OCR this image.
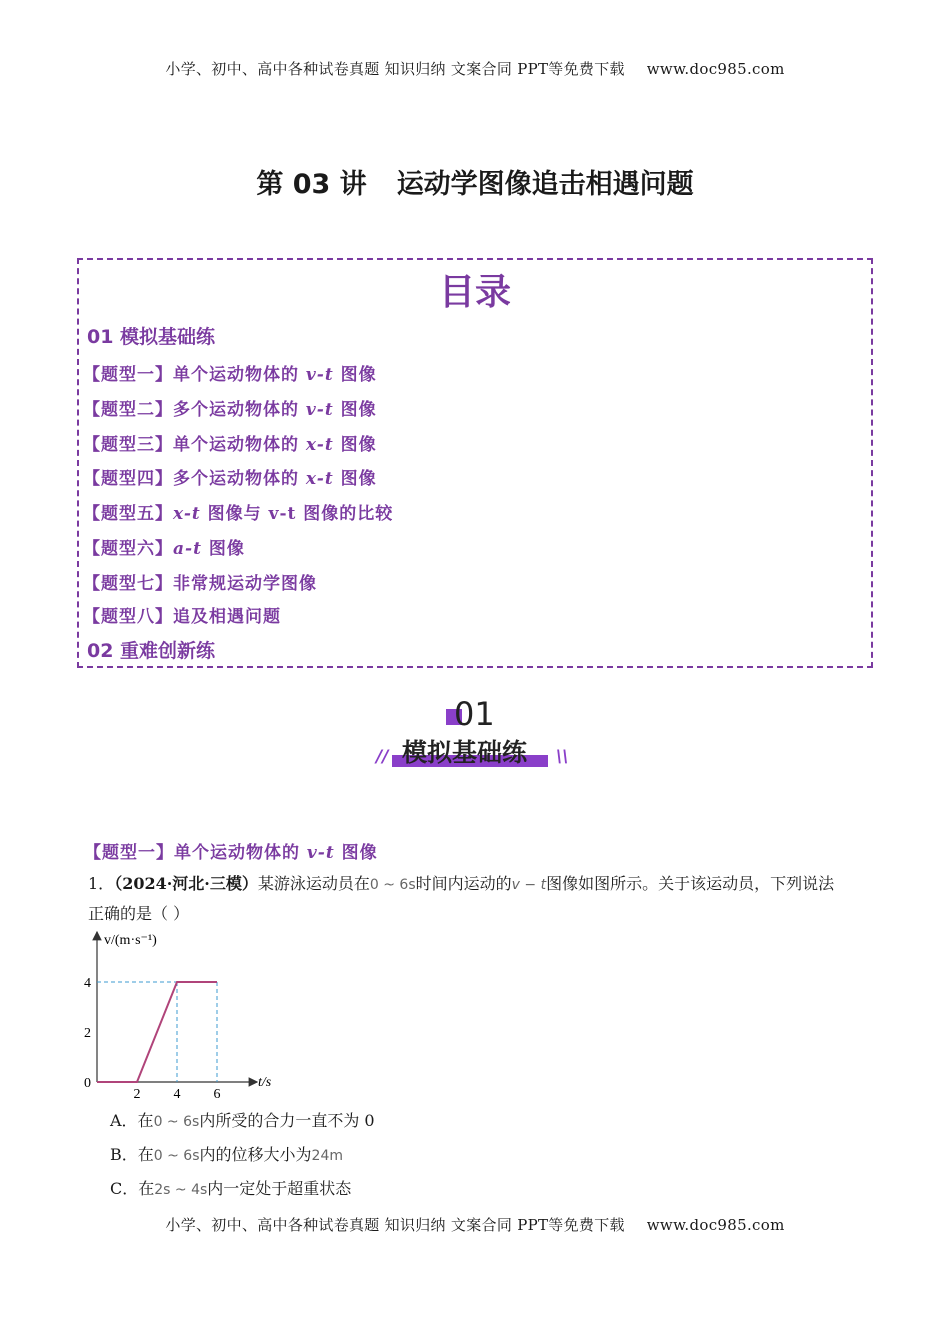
小学、初中、高中各种试卷真题 知识归纳 文案合同 PPT等免费下载 www.doc985.com
第 03 讲 运动学图像追击相遇问题
目录
01 模拟基础练
【题型一】单个运动物体的 v-t 图像
【题型二】多个运动物体的 v-t 图像
【题型三】单个运动物体的 x-t 图像
【题型四】多个运动物体的 x-t 图像
【题型五】x-t 图像与 v-t 图像的比较
【题型六】a-t 图像
【题型七】非常规运动学图像
【题型八】追及相遇问题
02 重难创新练
01
模拟基础练
//	\\
【题型一】单个运动物体的 v-t 图像
1．（2024·河北·三模）某游泳运动员在0 ~ 6s时间内运动的v − t图像如图所示。关于该运动员，下列说法
正确的是（ ）
2 4 6
0
2
4
v/(m·s⁻¹)
t/s
A．在0 ~ 6s内所受的合力一直不为 0
B．在0 ~ 6s内的位移大小为24m
C．在2s ~ 4s内一定处于超重状态
小学、初中、高中各种试卷真题 知识归纳 文案合同 PPT等免费下载 www.doc985.com
